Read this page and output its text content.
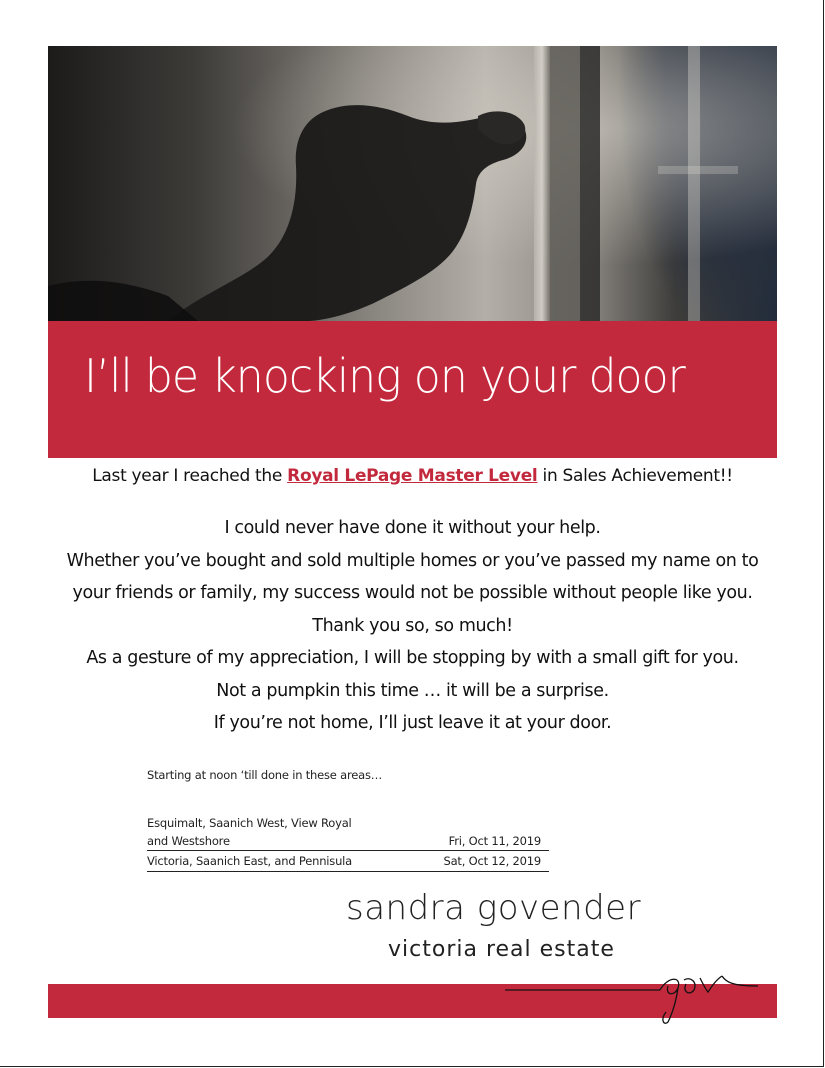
I’ll be knocking on your door
Last year I reached the Royal LePage Master Level in Sales Achievement!!
I could never have done it without your help.
Whether you’ve bought and sold multiple homes or you’ve passed my name on to
your friends or family, my success would not be possible without people like you.
Thank you so, so much!
As a gesture of my appreciation, I will be stopping by with a small gift for you.
Not a pumpkin this time … it will be a surprise.
If you’re not home, I’ll just leave it at your door.
Starting at noon ‘till done in these areas…
Esquimalt, Saanich West, View Royal
and Westshore	Fri, Oct 11, 2019
Victoria, Saanich East, and Pennisula	Sat, Oct 12, 2019
sandra govender
victoria real estate
